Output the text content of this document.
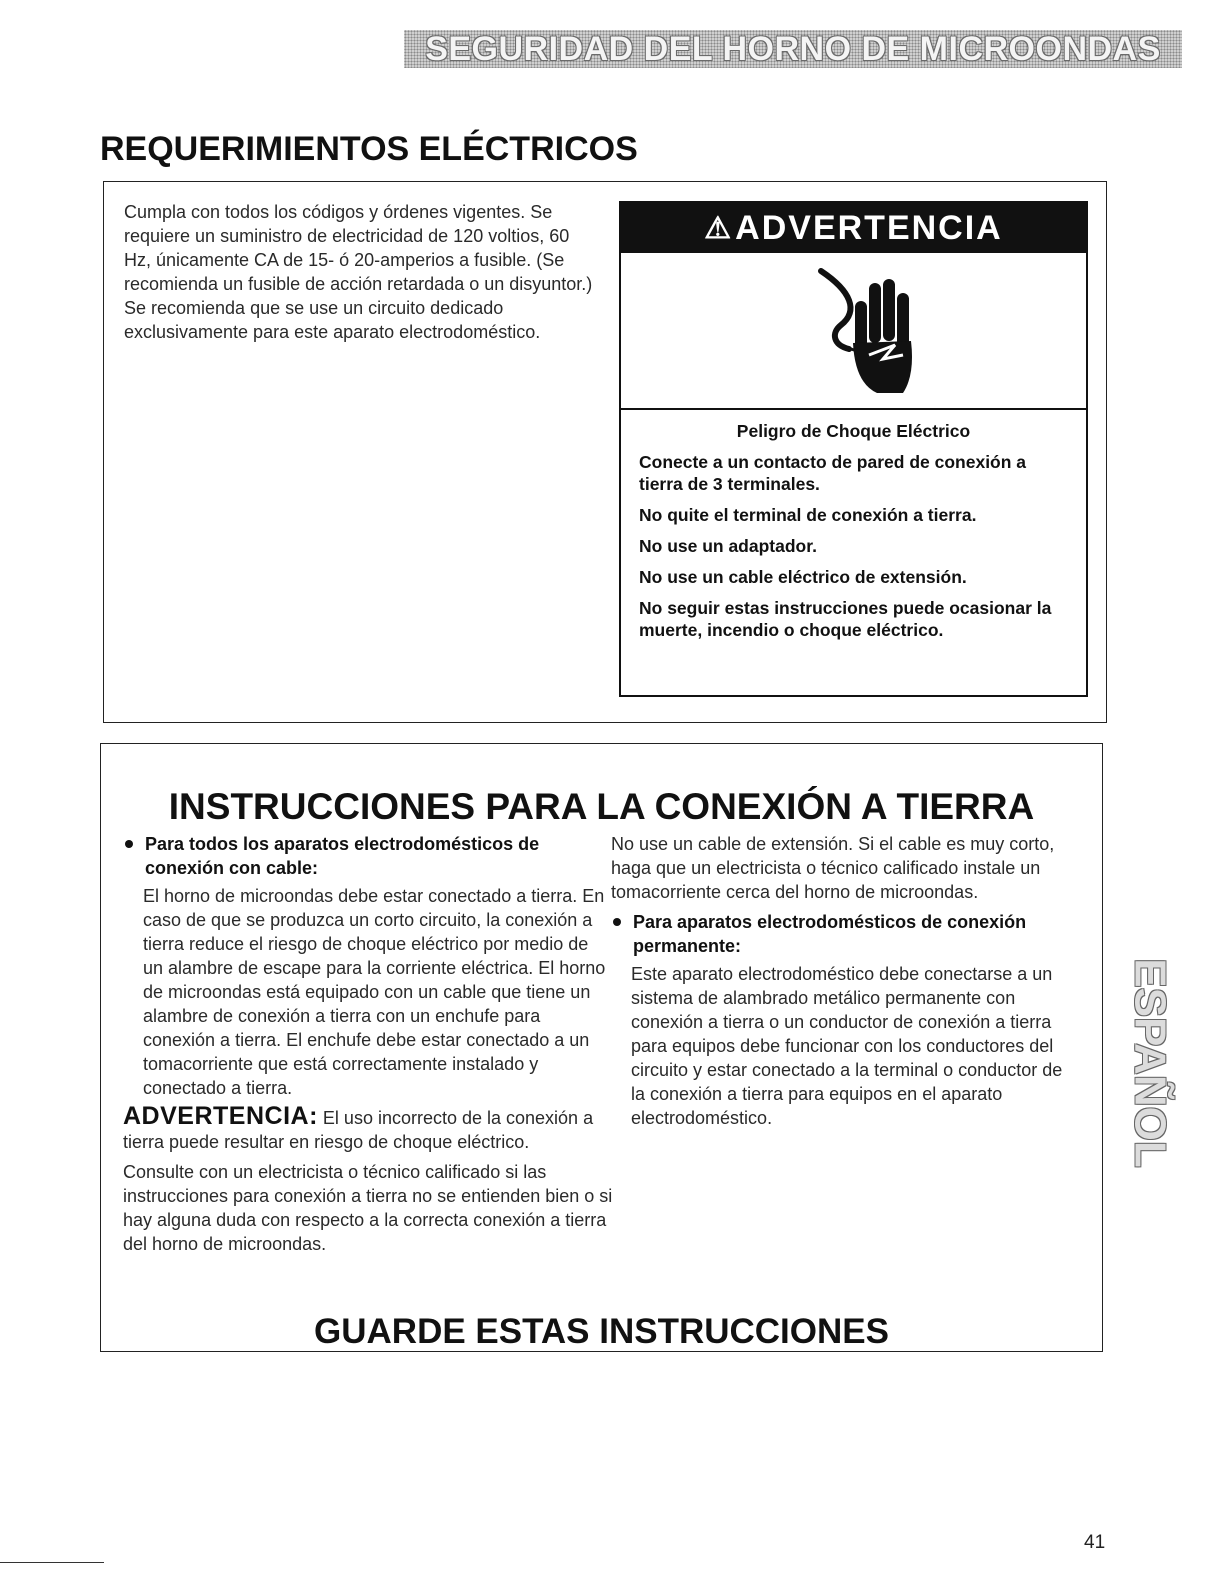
SEGURIDAD DEL HORNO DE MICROONDAS
REQUERIMIENTOS ELÉCTRICOS

Cumpla con todos los códigos y órdenes vigentes. Se requiere un suministro de electricidad de 120 voltios, 60 Hz, únicamente CA de 15- ó 20-amperios a fusible. (Se recomienda un fusible de acción retardada o un disyuntor.) Se recomienda que se use un circuito dedicado exclusivamente para este aparato electrodoméstico.

⚠ ADVERTENCIA

Peligro de Choque Eléctrico

Conecte a un contacto de pared de conexión a tierra de 3 terminales.

No quite el terminal de conexión a tierra.

No use un adaptador.

No use un cable eléctrico de extensión.

No seguir estas instrucciones puede ocasionar la muerte, incendio o choque eléctrico.

INSTRUCCIONES PARA LA CONEXIÓN A TIERRA

Para todos los aparatos electrodomésticos de conexión con cable:

El horno de microondas debe estar conectado a tierra. En caso de que se produzca un corto circuito, la conexión a tierra reduce el riesgo de choque eléctrico por medio de un alambre de escape para la corriente eléctrica. El horno de microondas está equipado con un cable que tiene un alambre de conexión a tierra con un enchufe para conexión a tierra. El enchufe debe estar conectado a un tomacorriente que está correctamente instalado y conectado a tierra.

ADVERTENCIA: El uso incorrecto de la conexión a tierra puede resultar en riesgo de choque eléctrico.

Consulte con un electricista o técnico calificado si las instrucciones para conexión a tierra no se entienden bien o si hay alguna duda con respecto a la correcta conexión a tierra del horno de microondas.

No use un cable de extensión. Si el cable es muy corto, haga que un electricista o técnico calificado instale un tomacorriente cerca del horno de microondas.

Para aparatos electrodomésticos de conexión permanente:

Este aparato electrodoméstico debe conectarse a un sistema de alambrado metálico permanente con conexión a tierra o un conductor de conexión a tierra para equipos debe funcionar con los conductores del circuito y estar conectado a la terminal o conductor de la conexión a tierra para equipos en el aparato electrodoméstico.

GUARDE ESTAS INSTRUCCIONES
ESPAÑOL
41
